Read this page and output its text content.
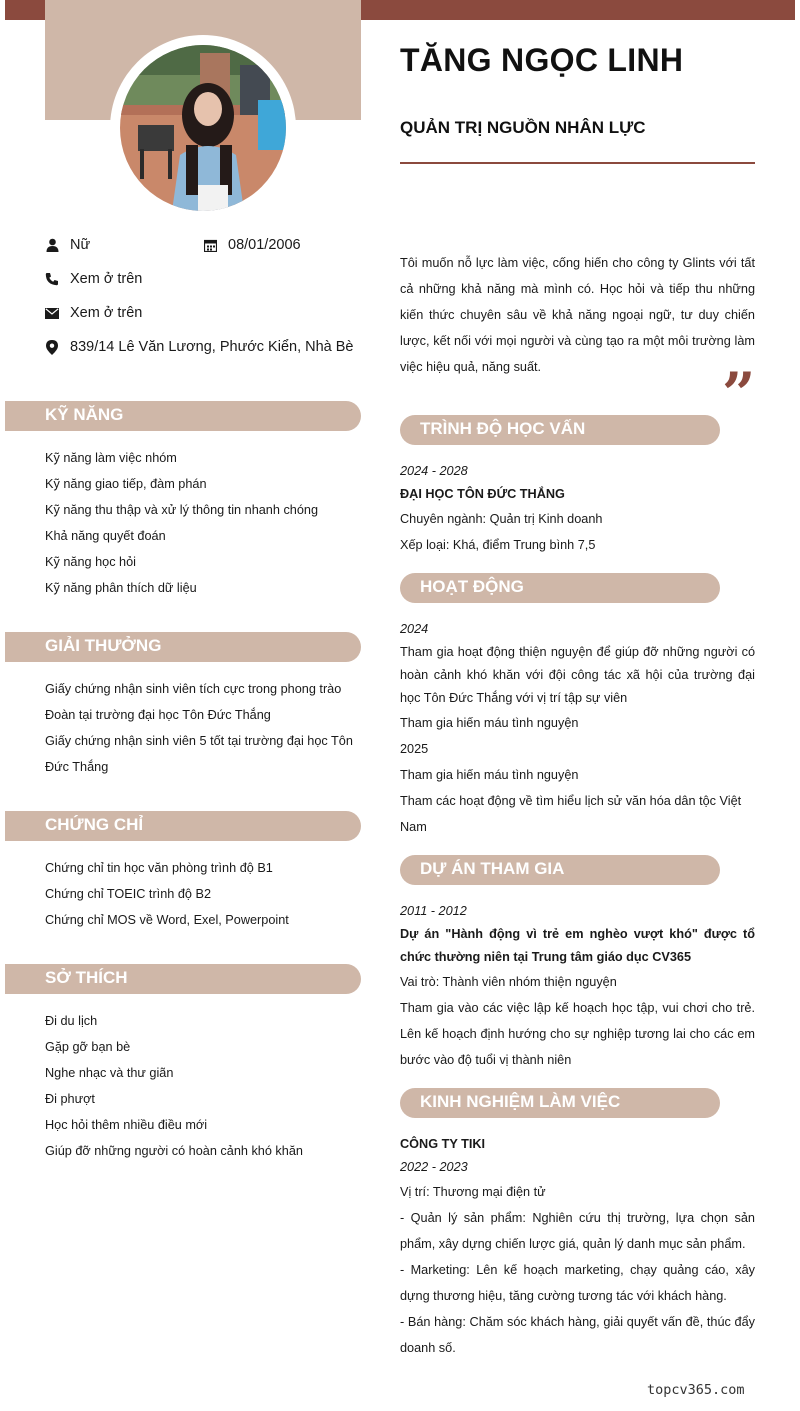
TĂNG NGỌC LINH
QUẢN TRỊ NGUỒN NHÂN LỰC
Nữ	08/01/2006
Xem ở trên
Xem ở trên
839/14 Lê Văn Lương, Phước Kiển, Nhà Bè
Tôi muốn nỗ lực làm việc, cống hiến cho công ty Glints với tất cả những khả năng mà mình có. Học hỏi và tiếp thu những kiến thức chuyên sâu về khả năng ngoại ngữ, tư duy chiến lược, kết nối với mọi người và cùng tạo ra một môi trường làm việc hiệu quả, năng suất.	”
KỸ NĂNG
Kỹ năng làm việc nhóm
Kỹ năng giao tiếp, đàm phán
Kỹ năng thu thập và xử lý thông tin nhanh chóng
Khả năng quyết đoán
Kỹ năng học hỏi
Kỹ năng phân thích dữ liệu
GIẢI THƯỞNG
Giấy chứng nhận sinh viên tích cực trong phong trào
Đoàn tại trường đại học Tôn Đức Thắng
Giấy chứng nhận sinh viên 5 tốt tại trường đại học Tôn Đức Thắng
CHỨNG CHỈ
Chứng chỉ tin học văn phòng trình độ B1
Chứng chỉ TOEIC trình độ B2
Chứng chỉ MOS về Word, Exel, Powerpoint
SỞ THÍCH
Đi du lịch
Gặp gỡ bạn bè
Nghe nhạc và thư giãn
Đi phượt
Học hỏi thêm nhiều điều mới
Giúp đỡ những người có hoàn cảnh khó khăn
TRÌNH ĐỘ HỌC VẤN
2024 - 2028
ĐẠI HỌC TÔN ĐỨC THẮNG
Chuyên ngành: Quản trị Kinh doanh
Xếp loại: Khá, điểm Trung bình 7,5
HOẠT ĐỘNG
2024
Tham gia hoạt động thiện nguyện để giúp đỡ những người có hoàn cảnh khó khăn với đội công tác xã hội của trường đại học Tôn Đức Thắng với vị trí tập sự viên
Tham gia hiến máu tình nguyện
2025
Tham gia hiến máu tình nguyện
Tham các hoạt động về tìm hiểu lịch sử văn hóa dân tộc Việt Nam
DỰ ÁN THAM GIA
2011 - 2012
Dự án "Hành động vì trẻ em nghèo vượt khó" được tổ chức thường niên tại Trung tâm giáo dục CV365
Vai trò: Thành viên nhóm thiện nguyện
Tham gia vào các việc lập kế hoạch học tập, vui chơi cho trẻ. Lên kế hoạch định hướng cho sự nghiệp tương lai cho các em bước vào độ tuổi vị thành niên
KINH NGHIỆM LÀM VIỆC
CÔNG TY TIKI
2022 - 2023
Vị trí: Thương mại điện tử
- Quản lý sản phẩm: Nghiên cứu thị trường, lựa chọn sản phẩm, xây dựng chiến lược giá, quản lý danh mục sản phẩm.
- Marketing: Lên kế hoạch marketing, chạy quảng cáo, xây dựng thương hiệu, tăng cường tương tác với khách hàng.
- Bán hàng: Chăm sóc khách hàng, giải quyết vấn đề, thúc đẩy doanh số.
topcv365.com
